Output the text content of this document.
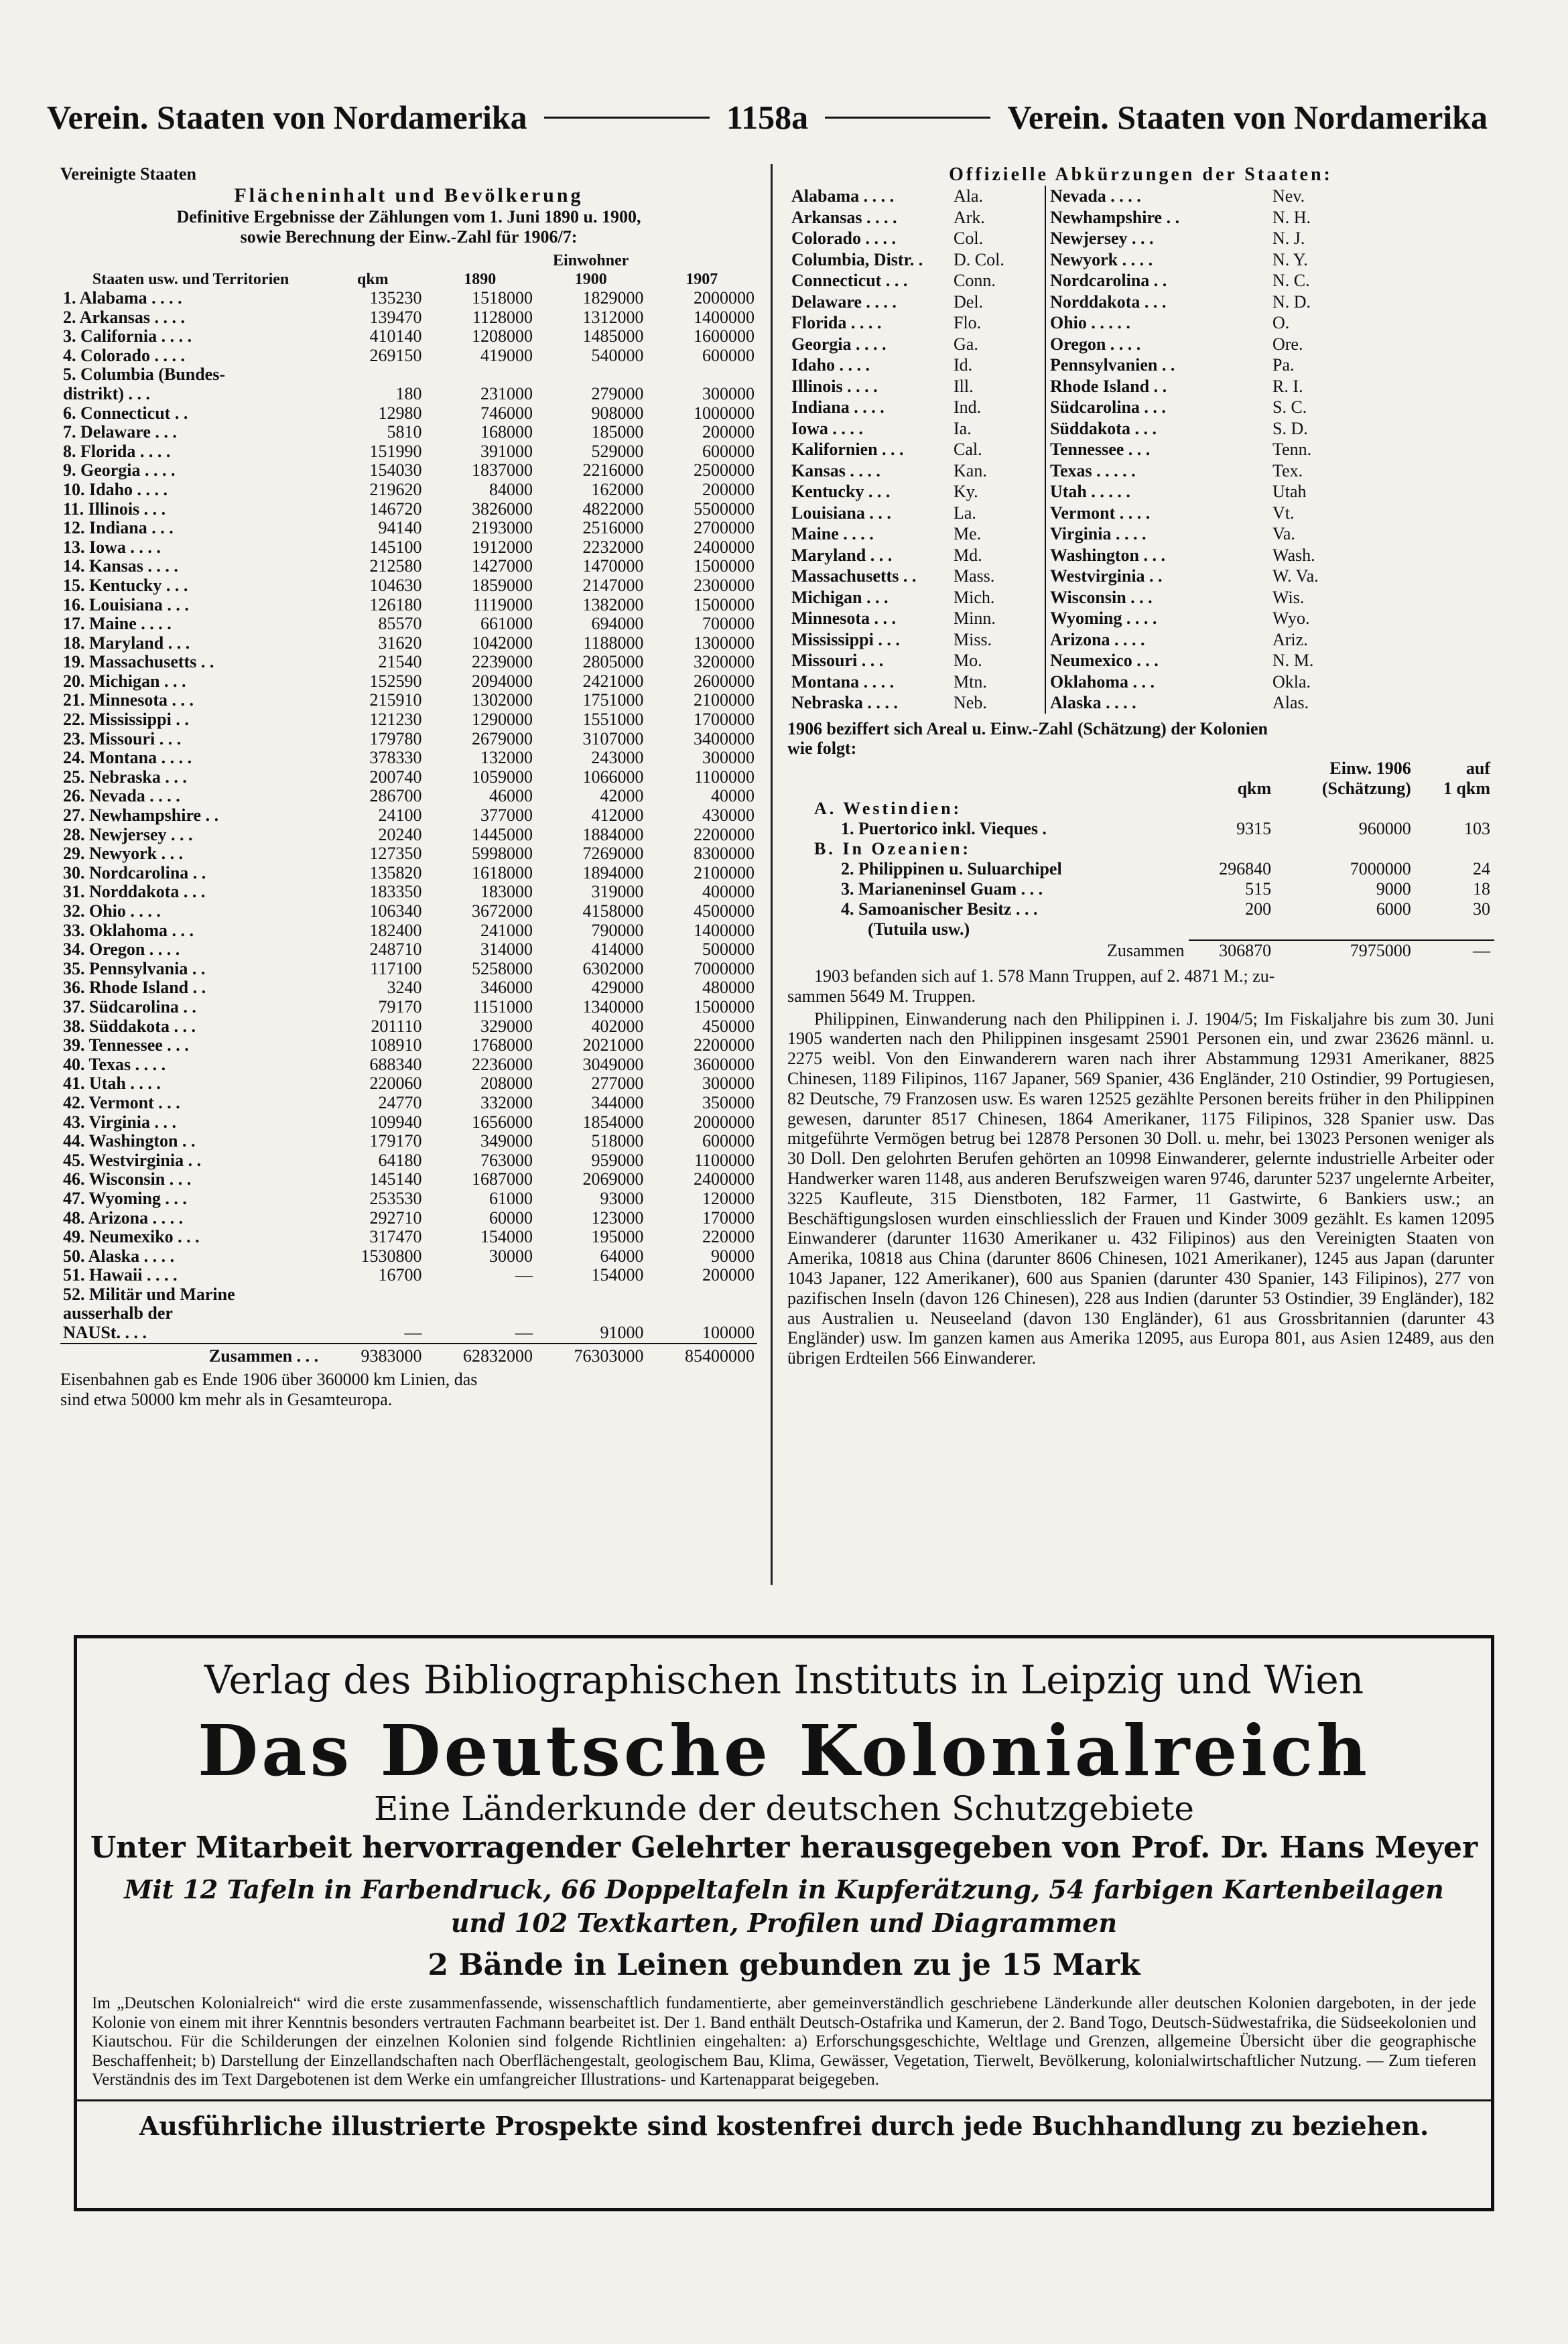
Verein. Staaten von Nordamerika	1158a	Verein. Staaten von Nordamerika
Vereinigte Staaten
Flächeninhalt und Bevölkerung
Definitive Ergebnisse der Zählungen vom 1. Juni 1890 u. 1900,
sowie Berechnung der Einw.-Zahl für 1906/7:
Staaten usw. und Territorien	qkm	Einwohner		
		1890	1900	1907
1. Alabama . . . .	135230	1518000	1829000	2000000
2. Arkansas . . . .	139470	1128000	1312000	1400000
3. California . . . .	410140	1208000	1485000	1600000
4. Colorado . . . .	269150	419000	540000	600000
5. Columbia (Bundes-				
distrikt) . . .	180	231000	279000	300000
6. Connecticut . .	12980	746000	908000	1000000
7. Delaware . . .	5810	168000	185000	200000
8. Florida . . . .	151990	391000	529000	600000
9. Georgia . . . .	154030	1837000	2216000	2500000
10. Idaho . . . .	219620	84000	162000	200000
11. Illinois . . .	146720	3826000	4822000	5500000
12. Indiana . . .	94140	2193000	2516000	2700000
13. Iowa . . . .	145100	1912000	2232000	2400000
14. Kansas . . . .	212580	1427000	1470000	1500000
15. Kentucky . . .	104630	1859000	2147000	2300000
16. Louisiana . . .	126180	1119000	1382000	1500000
17. Maine . . . .	85570	661000	694000	700000
18. Maryland . . .	31620	1042000	1188000	1300000
19. Massachusetts . .	21540	2239000	2805000	3200000
20. Michigan . . .	152590	2094000	2421000	2600000
21. Minnesota . . .	215910	1302000	1751000	2100000
22. Mississippi . .	121230	1290000	1551000	1700000
23. Missouri . . .	179780	2679000	3107000	3400000
24. Montana . . . .	378330	132000	243000	300000
25. Nebraska . . .	200740	1059000	1066000	1100000
26. Nevada . . . .	286700	46000	42000	40000
27. Newhampshire . .	24100	377000	412000	430000
28. Newjersey . . .	20240	1445000	1884000	2200000
29. Newyork . . .	127350	5998000	7269000	8300000
30. Nordcarolina . .	135820	1618000	1894000	2100000
31. Norddakota . . .	183350	183000	319000	400000
32. Ohio . . . .	106340	3672000	4158000	4500000
33. Oklahoma . . .	182400	241000	790000	1400000
34. Oregon . . . .	248710	314000	414000	500000
35. Pennsylvania . .	117100	5258000	6302000	7000000
36. Rhode Island . .	3240	346000	429000	480000
37. Südcarolina . .	79170	1151000	1340000	1500000
38. Süddakota . . .	201110	329000	402000	450000
39. Tennessee . . .	108910	1768000	2021000	2200000
40. Texas . . . .	688340	2236000	3049000	3600000
41. Utah . . . .	220060	208000	277000	300000
42. Vermont . . .	24770	332000	344000	350000
43. Virginia . . .	109940	1656000	1854000	2000000
44. Washington . .	179170	349000	518000	600000
45. Westvirginia . .	64180	763000	959000	1100000
46. Wisconsin . . .	145140	1687000	2069000	2400000
47. Wyoming . . .	253530	61000	93000	120000
48. Arizona . . . .	292710	60000	123000	170000
49. Neumexiko . . .	317470	154000	195000	220000
50. Alaska . . . .	1530800	30000	64000	90000
51. Hawaii . . . .	16700	—	154000	200000
52. Militär und Marine				
ausserhalb der				
NAUSt. . . .	—	—	91000	100000
Zusammen . . .	9383000	62832000	76303000	85400000
Eisenbahnen gab es Ende 1906 über 360000 km Linien, das
sind etwa 50000 km mehr als in Gesamteuropa.
Offizielle Abkürzungen der Staaten:
Alabama . . . .	Ala.	Nevada . . . .	Nev.
Arkansas . . . .	Ark.	Newhampshire . .	N. H.
Colorado . . . .	Col.	Newjersey . . .	N. J.
Columbia, Distr. .	D. Col.	Newyork . . . .	N. Y.
Connecticut . . .	Conn.	Nordcarolina . .	N. C.
Delaware . . . .	Del.	Norddakota . . .	N. D.
Florida . . . .	Flo.	Ohio . . . . .	O.
Georgia . . . .	Ga.	Oregon . . . .	Ore.
Idaho . . . .	Id.	Pennsylvanien . .	Pa.
Illinois . . . .	Ill.	Rhode Island . .	R. I.
Indiana . . . .	Ind.	Südcarolina . . .	S. C.
Iowa . . . .	Ia.	Süddakota . . .	S. D.
Kalifornien . . .	Cal.	Tennessee . . .	Tenn.
Kansas . . . .	Kan.	Texas . . . . .	Tex.
Kentucky . . .	Ky.	Utah . . . . .	Utah
Louisiana . . .	La.	Vermont . . . .	Vt.
Maine . . . .	Me.	Virginia . . . .	Va.
Maryland . . .	Md.	Washington . . .	Wash.
Massachusetts . .	Mass.	Westvirginia . .	W. Va.
Michigan . . .	Mich.	Wisconsin . . .	Wis.
Minnesota . . .	Minn.	Wyoming . . . .	Wyo.
Mississippi . . .	Miss.	Arizona . . . .	Ariz.
Missouri . . .	Mo.	Neumexico . . .	N. M.
Montana . . . .	Mtn.	Oklahoma . . .	Okla.
Nebraska . . . .	Neb.	Alaska . . . .	Alas.
1906 beziffert sich Areal u. Einw.-Zahl (Schätzung) der Kolonien
wie folgt:
		Einw. 1906	auf
	qkm	(Schätzung)	1 qkm
A. Westindien:			
1. Puertorico inkl. Vieques .	9315	960000	103
B. In Ozeanien:			
2. Philippinen u. Suluarchipel	296840	7000000	24
3. Marianeninsel Guam . . .	515	9000	18
4. Samoanischer Besitz . . .	200	6000	30
(Tutuila usw.)			
Zusammen	306870	7975000	—
1903 befanden sich auf 1. 578 Mann Truppen, auf 2. 4871 M.; zu-
sammen 5649 M. Truppen.
Philippinen, Einwanderung nach den Philippinen i. J. 1904/5; Im Fiskaljahre bis zum 30. Juni 1905 wanderten nach den Philippinen insgesamt 25901 Personen ein, und zwar 23626 männl. u. 2275 weibl. Von den Einwanderern waren nach ihrer Abstammung 12931 Amerikaner, 8825 Chinesen, 1189 Filipinos, 1167 Japaner, 569 Spanier, 436 Engländer, 210 Ostindier, 99 Portugiesen, 82 Deutsche, 79 Franzosen usw. Es waren 12525 gezählte Personen bereits früher in den Philippinen gewesen, darunter 8517 Chinesen, 1864 Amerikaner, 1175 Filipinos, 328 Spanier usw. Das mitgeführte Vermögen betrug bei 12878 Personen 30 Doll. u. mehr, bei 13023 Personen weniger als 30 Doll. Den gelohrten Berufen gehörten an 10998 Einwanderer, gelernte industrielle Arbeiter oder Handwerker waren 1148, aus anderen Berufszweigen waren 9746, darunter 5237 ungelernte Arbeiter, 3225 Kaufleute, 315 Dienstboten, 182 Farmer, 11 Gastwirte, 6 Bankiers usw.; an Beschäftigungslosen wurden einschliesslich der Frauen und Kinder 3009 gezählt. Es kamen 12095 Einwanderer (darunter 11630 Amerikaner u. 432 Filipinos) aus den Vereinigten Staaten von Amerika, 10818 aus China (darunter 8606 Chinesen, 1021 Amerikaner), 1245 aus Japan (darunter 1043 Japaner, 122 Amerikaner), 600 aus Spanien (darunter 430 Spanier, 143 Filipinos), 277 von pazifischen Inseln (davon 126 Chinesen), 228 aus Indien (darunter 53 Ostindier, 39 Engländer), 182 aus Australien u. Neuseeland (davon 130 Engländer), 61 aus Grossbritannien (darunter 43 Engländer) usw. Im ganzen kamen aus Amerika 12095, aus Europa 801, aus Asien 12489, aus den übrigen Erdteilen 566 Einwanderer.
Verlag des Bibliographischen Instituts in Leipzig und Wien
Das Deutsche Kolonialreich
Eine Länderkunde der deutschen Schutzgebiete
Unter Mitarbeit hervorragender Gelehrter herausgegeben von Prof. Dr. Hans Meyer
Mit 12 Tafeln in Farbendruck, 66 Doppeltafeln in Kupferätzung, 54 farbigen Kartenbeilagen
und 102 Textkarten, Profilen und Diagrammen
2 Bände in Leinen gebunden zu je 15 Mark
Im „Deutschen Kolonialreich“ wird die erste zusammenfassende, wissenschaftlich fundamentierte, aber gemeinverständlich geschriebene Länderkunde aller deutschen Kolonien dargeboten, in der jede Kolonie von einem mit ihrer Kenntnis besonders vertrauten Fachmann bearbeitet ist. Der 1. Band enthält Deutsch-Ostafrika und Kamerun, der 2. Band Togo, Deutsch-Südwestafrika, die Südseekolonien und Kiautschou. Für die Schilderungen der einzelnen Kolonien sind folgende Richtlinien eingehalten: a) Erforschungsgeschichte, Weltlage und Grenzen, allgemeine Übersicht über die geographische Beschaffenheit; b) Darstellung der Einzellandschaften nach Oberflächengestalt, geologischem Bau, Klima, Gewässer, Vegetation, Tierwelt, Bevölkerung, kolonialwirtschaftlicher Nutzung. — Zum tieferen Verständnis des im Text Dargebotenen ist dem Werke ein umfangreicher Illustrations- und Kartenapparat beigegeben.
Ausführliche illustrierte Prospekte sind kostenfrei durch jede Buchhandlung zu beziehen.
